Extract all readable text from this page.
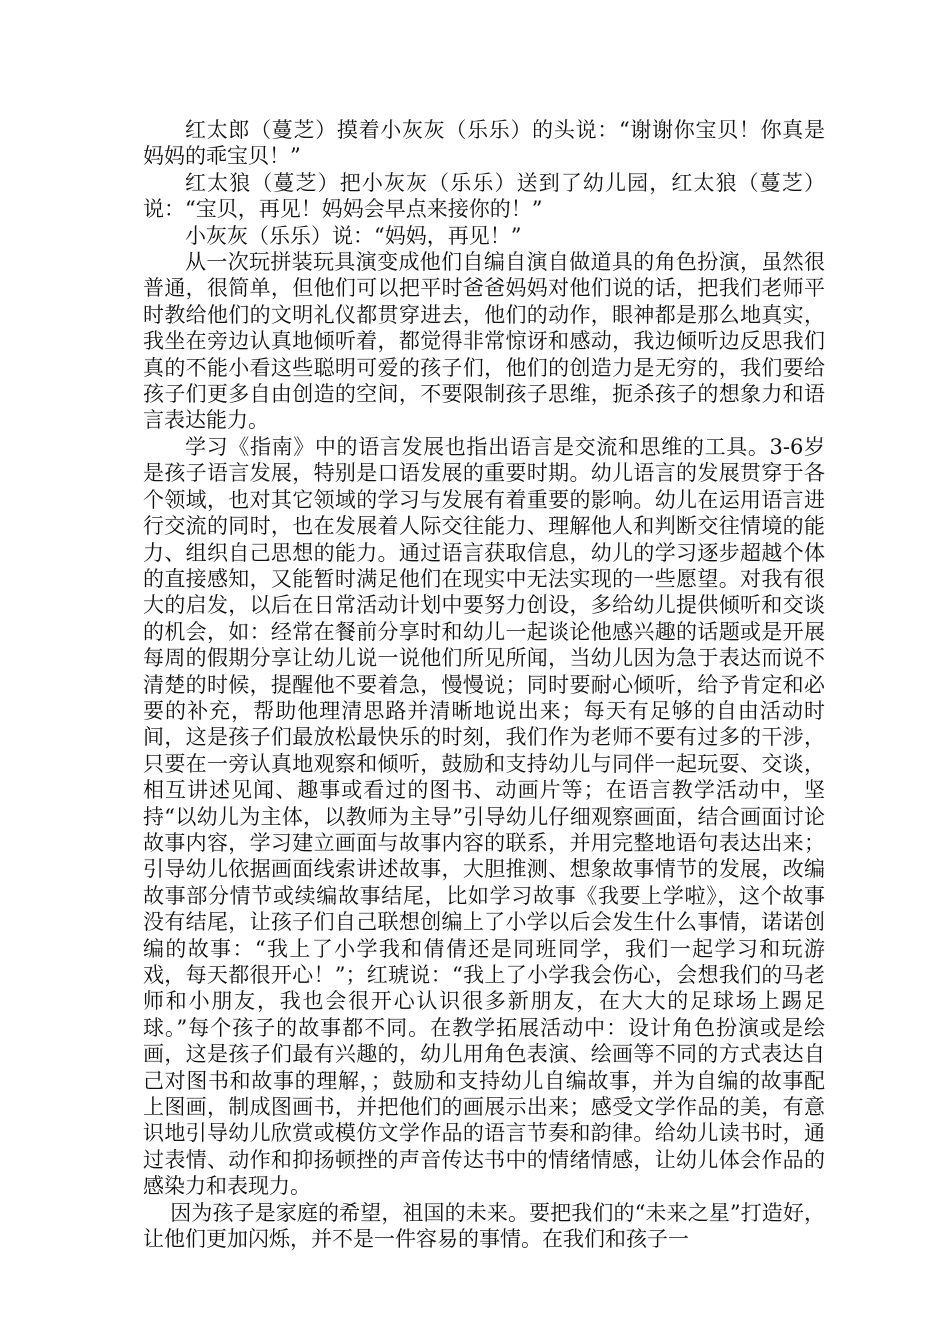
红太郎（蔓芝）摸着小灰灰（乐乐）的头说：“谢谢你宝贝！你真是妈妈的乖宝贝！”

红太狼（蔓芝）把小灰灰（乐乐）送到了幼儿园，红太狼（蔓芝）说：“宝贝，再见！妈妈会早点来接你的！”

小灰灰（乐乐）说：“妈妈，再见！”

从一次玩拼装玩具演变成他们自编自演自做道具的角色扮演，虽然很普通，很简单，但他们可以把平时爸爸妈妈对他们说的话，把我们老师平时教给他们的文明礼仪都贯穿进去，他们的动作，眼神都是那么地真实，我坐在旁边认真地倾听着，都觉得非常惊讶和感动，我边倾听边反思我们真的不能小看这些聪明可爱的孩子们，他们的创造力是无穷的，我们要给孩子们更多自由创造的空间，不要限制孩子思维，扼杀孩子的想象力和语言表达能力。

学习《指南》中的语言发展也指出语言是交流和思维的工具。3-6岁是孩子语言发展，特别是口语发展的重要时期。幼儿语言的发展贯穿于各个领域，也对其它领域的学习与发展有着重要的影响。幼儿在运用语言进行交流的同时，也在发展着人际交往能力、理解他人和判断交往情境的能力、组织自己思想的能力。通过语言获取信息，幼儿的学习逐步超越个体的直接感知，又能暂时满足他们在现实中无法实现的一些愿望。对我有很大的启发，以后在日常活动计划中要努力创设，多给幼儿提供倾听和交谈的机会，如：经常在餐前分享时和幼儿一起谈论他感兴趣的话题或是开展每周的假期分享让幼儿说一说他们所见所闻，当幼儿因为急于表达而说不清楚的时候，提醒他不要着急，慢慢说；同时要耐心倾听，给予肯定和必要的补充，帮助他理清思路并清晰地说出来；每天有足够的自由活动时间，这是孩子们最放松最快乐的时刻，我们作为老师不要有过多的干涉，只要在一旁认真地观察和倾听，鼓励和支持幼儿与同伴一起玩耍、交谈，相互讲述见闻、趣事或看过的图书、动画片等；在语言教学活动中，坚持“以幼儿为主体，以教师为主导”引导幼儿仔细观察画面，结合画面讨论故事内容，学习建立画面与故事内容的联系，并用完整地语句表达出来；引导幼儿依据画面线索讲述故事，大胆推测、想象故事情节的发展，改编故事部分情节或续编故事结尾，比如学习故事《我要上学啦》，这个故事没有结尾，让孩子们自己联想创编上了小学以后会发生什么事情，诺诺创编的故事：“我上了小学我和倩倩还是同班同学，我们一起学习和玩游戏，每天都很开心！”；红琥说：“我上了小学我会伤心，会想我们的马老师和小朋友，我也会很开心认识很多新朋友，在大大的足球场上踢足球。”每个孩子的故事都不同。在教学拓展活动中：设计角色扮演或是绘画，这是孩子们最有兴趣的，幼儿用角色表演、绘画等不同的方式表达自己对图书和故事的理解，；鼓励和支持幼儿自编故事，并为自编的故事配上图画，制成图画书，并把他们的画展示出来；感受文学作品的美，有意识地引导幼儿欣赏或模仿文学作品的语言节奏和韵律。给幼儿读书时，通过表情、动作和抑扬顿挫的声音传达书中的情绪情感，让幼儿体会作品的感染力和表现力。

因为孩子是家庭的希望，祖国的未来。要把我们的“未来之星”打造好，让他们更加闪烁，并不是一件容易的事情。在我们和孩子一
